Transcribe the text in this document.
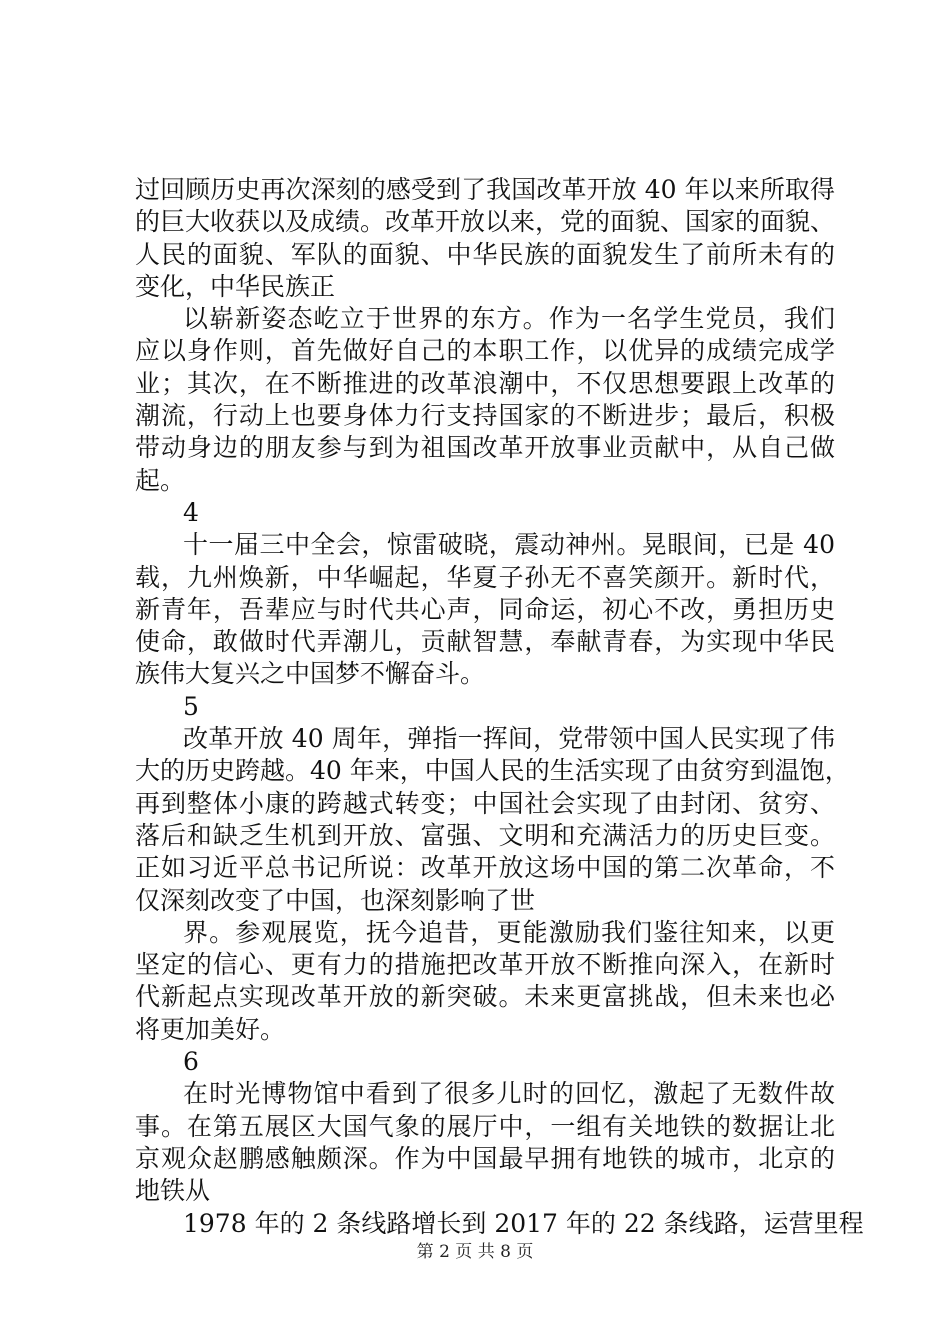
过回顾历史再次深刻的感受到了我国改革开放 40 年以来所取得
的巨大收获以及成绩。改革开放以来，党的面貌、国家的面貌、
人民的面貌、军队的面貌、中华民族的面貌发生了前所未有的
变化，中华民族正
以崭新姿态屹立于世界的东方。作为一名学生党员，我们
应以身作则，首先做好自己的本职工作，以优异的成绩完成学
业；其次，在不断推进的改革浪潮中，不仅思想要跟上改革的
潮流，行动上也要身体力行支持国家的不断进步；最后，积极
带动身边的朋友参与到为祖国改革开放事业贡献中，从自己做
起。
4
十一届三中全会，惊雷破晓，震动神州。晃眼间，已是 40
载，九州焕新，中华崛起，华夏子孙无不喜笑颜开。新时代，
新青年，吾辈应与时代共心声，同命运，初心不改，勇担历史
使命，敢做时代弄潮儿，贡献智慧，奉献青春，为实现中华民
族伟大复兴之中国梦不懈奋斗。
5
改革开放 40 周年，弹指一挥间，党带领中国人民实现了伟
大的历史跨越。40 年来，中国人民的生活实现了由贫穷到温饱，
再到整体小康的跨越式转变；中国社会实现了由封闭、贫穷、
落后和缺乏生机到开放、富强、文明和充满活力的历史巨变。
正如习近平总书记所说：改革开放这场中国的第二次革命，不
仅深刻改变了中国，也深刻影响了世
界。参观展览，抚今追昔，更能激励我们鉴往知来，以更
坚定的信心、更有力的措施把改革开放不断推向深入，在新时
代新起点实现改革开放的新突破。未来更富挑战，但未来也必
将更加美好。
6
在时光博物馆中看到了很多儿时的回忆，激起了无数件故
事。在第五展区大国气象的展厅中，一组有关地铁的数据让北
京观众赵鹏感触颇深。作为中国最早拥有地铁的城市，北京的
地铁从
1978 年的 2 条线路增长到 2017 年的 22 条线路，运营里程
第 2 页 共 8 页
